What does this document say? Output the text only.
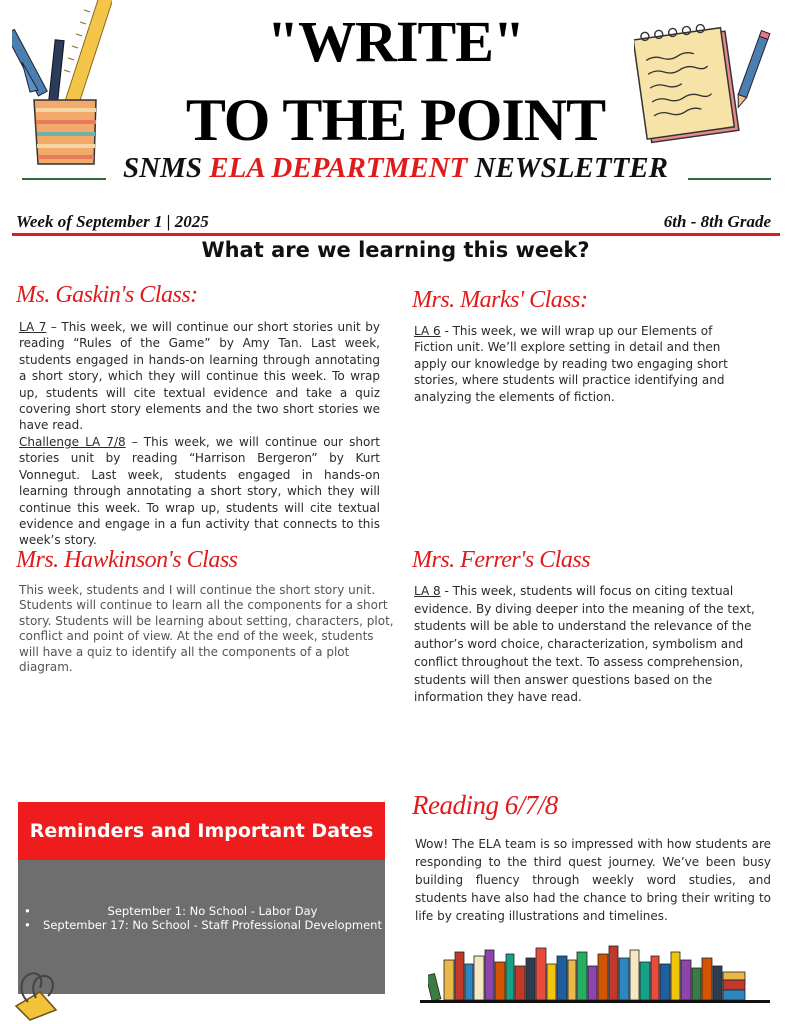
"WRITE"
TO THE POINT
SNMS ELA DEPARTMENT NEWSLETTER
Week of September 1 | 2025	6th - 8th Grade
What are we learning this week?
Ms. Gaskin's Class:
LA 7 – This week, we will continue our short stories unit by reading “Rules of the Game” by Amy Tan. Last week, students engaged in hands-on learning through annotating a short story, which they will continue this week. To wrap up, students will cite textual evidence and take a quiz covering short story elements and the two short stories we have read.
Challenge LA 7/8 – This week, we will continue our short stories unit by reading “Harrison Bergeron” by Kurt Vonnegut. Last week, students engaged in hands-on learning through annotating a short story, which they will continue this week. To wrap up, students will cite textual evidence and engage in a fun activity that connects to this week’s story.
Mrs. Marks' Class:
LA 6 - This week, we will wrap up our Elements of Fiction unit. We’ll explore setting in detail and then apply our knowledge by reading two engaging short stories, where students will practice identifying and analyzing the elements of fiction.
Mrs. Hawkinson's Class
This week, students and I will continue the short story unit. Students will continue to learn all the components for a short story. Students will be learning about setting, characters, plot, conflict and point of view. At the end of the week, students will have a quiz to identify all the components of a plot diagram.
Mrs. Ferrer's Class
LA 8 - This week, students will focus on citing textual evidence. By diving deeper into the meaning of the text, students will be able to understand the relevance of the author’s word choice, characterization, symbolism and conflict throughout the text. To assess comprehension, students will then answer questions based on the information they have read.
Reminders and Important Dates
• September 1: No School - Labor Day
• September 17: No School - Staff Professional Development
Reading 6/7/8
Wow! The ELA team is so impressed with how students are responding to the third quest journey. We’ve been busy building fluency through weekly word studies, and students have also had the chance to bring their writing to life by creating illustrations and timelines.
